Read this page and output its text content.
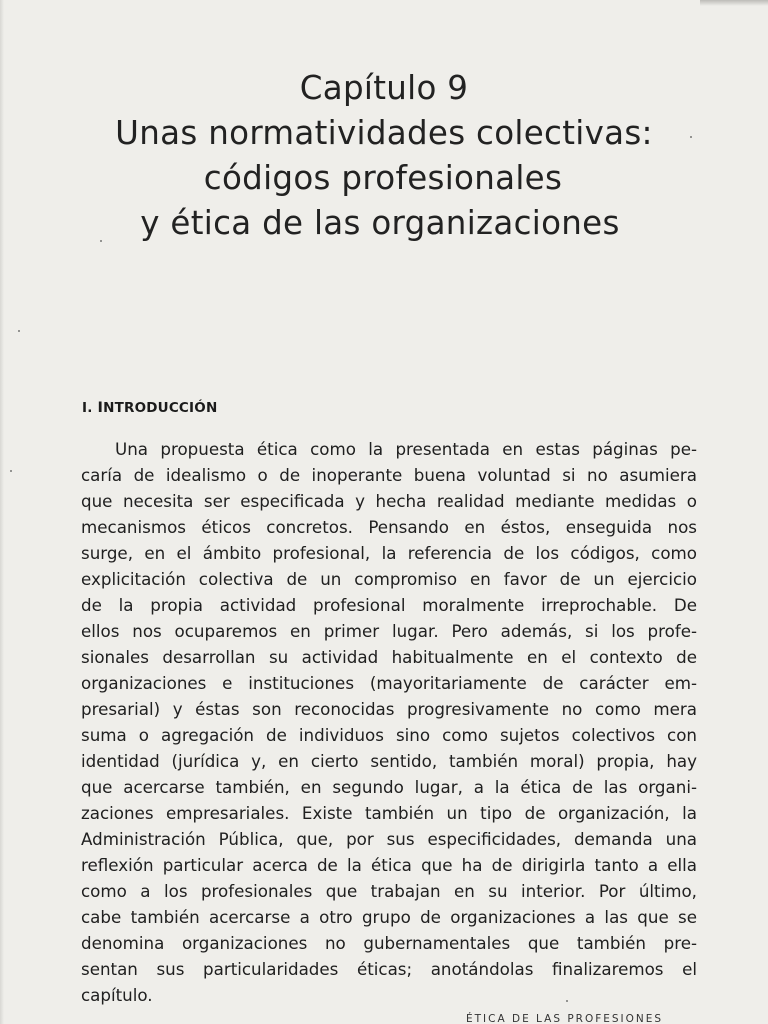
Capítulo 9
Unas normatividades colectivas:
códigos profesionales
y ética de las organizaciones
I. INTRODUCCIÓN
Una propuesta ética como la presentada en estas páginas pe-
caría de idealismo o de inoperante buena voluntad si no asumiera
que necesita ser especificada y hecha realidad mediante medidas o
mecanismos éticos concretos. Pensando en éstos, enseguida nos
surge, en el ámbito profesional, la referencia de los códigos, como
explicitación colectiva de un compromiso en favor de un ejercicio
de la propia actividad profesional moralmente irreprochable. De
ellos nos ocuparemos en primer lugar. Pero además, si los profe-
sionales desarrollan su actividad habitualmente en el contexto de
organizaciones e instituciones (mayoritariamente de carácter em-
presarial) y éstas son reconocidas progresivamente no como mera
suma o agregación de individuos sino como sujetos colectivos con
identidad (jurídica y, en cierto sentido, también moral) propia, hay
que acercarse también, en segundo lugar, a la ética de las organi-
zaciones empresariales. Existe también un tipo de organización, la
Administración Pública, que, por sus especificidades, demanda una
reflexión particular acerca de la ética que ha de dirigirla tanto a ella
como a los profesionales que trabajan en su interior. Por último,
cabe también acercarse a otro grupo de organizaciones a las que se
denomina organizaciones no gubernamentales que también pre-
sentan sus particularidades éticas; anotándolas finalizaremos el
capítulo.
ÉTICA DE LAS PROFESIONES
